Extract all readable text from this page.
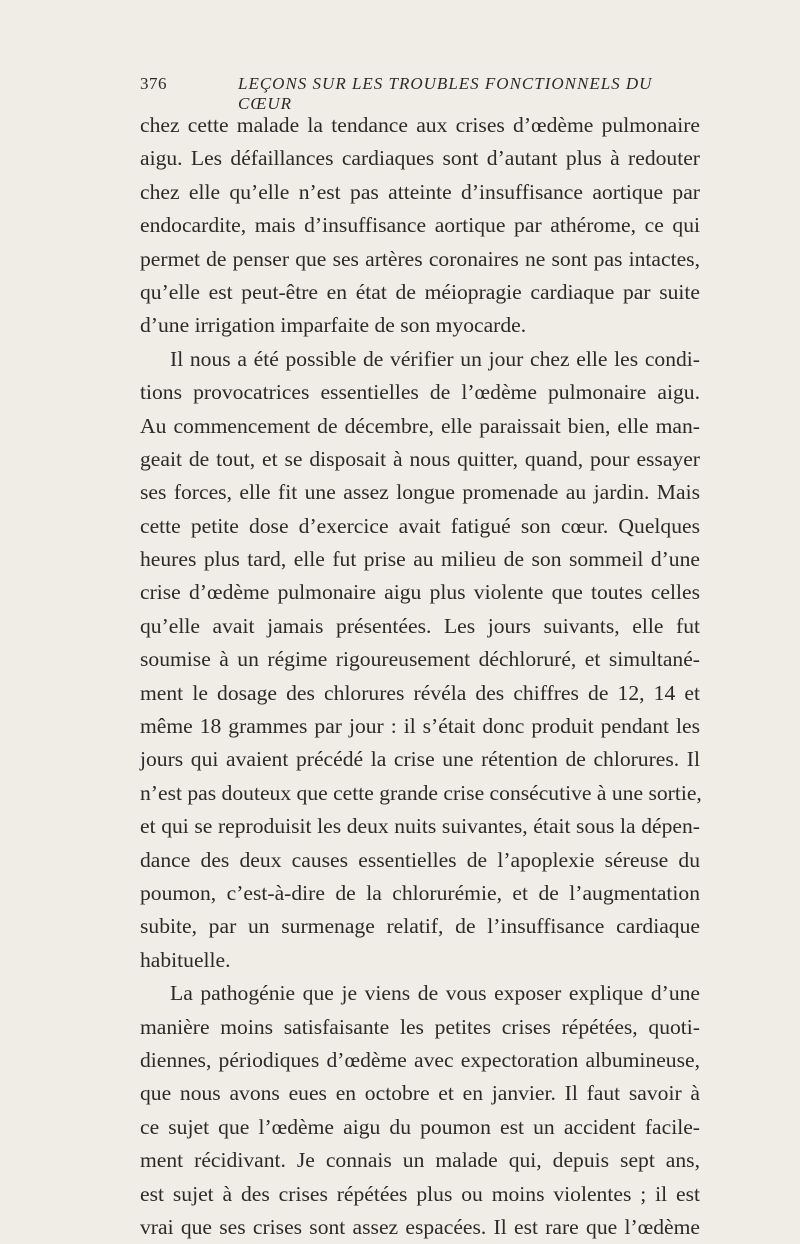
376	LEÇONS SUR LES TROUBLES FONCTIONNELS DU CŒUR
chez cette malade la tendance aux crises d’œdème pulmonaire
aigu. Les défaillances cardiaques sont d’autant plus à redouter
chez elle qu’elle n’est pas atteinte d’insuffisance aortique par
endocardite, mais d’insuffisance aortique par athérome, ce qui
permet de penser que ses artères coronaires ne sont pas intactes,
qu’elle est peut-être en état de méiopragie cardiaque par suite
d’une irrigation imparfaite de son myocarde.
Il nous a été possible de vérifier un jour chez elle les condi-
tions provocatrices essentielles de l’œdème pulmonaire aigu.
Au commencement de décembre, elle paraissait bien, elle man-
geait de tout, et se disposait à nous quitter, quand, pour essayer
ses forces, elle fit une assez longue promenade au jardin. Mais
cette petite dose d’exercice avait fatigué son cœur. Quelques
heures plus tard, elle fut prise au milieu de son sommeil d’une
crise d’œdème pulmonaire aigu plus violente que toutes celles
qu’elle avait jamais présentées. Les jours suivants, elle fut
soumise à un régime rigoureusement déchloruré, et simultané-
ment le dosage des chlorures révéla des chiffres de 12, 14 et
même 18 grammes par jour : il s’était donc produit pendant les
jours qui avaient précédé la crise une rétention de chlorures. Il
n’est pas douteux que cette grande crise consécutive à une sortie,
et qui se reproduisit les deux nuits suivantes, était sous la dépen-
dance des deux causes essentielles de l’apoplexie séreuse du
poumon, c’est-à-dire de la chlorurémie, et de l’augmentation
subite, par un surmenage relatif, de l’insuffisance cardiaque
habituelle.
La pathogénie que je viens de vous exposer explique d’une
manière moins satisfaisante les petites crises répétées, quoti-
diennes, périodiques d’œdème avec expectoration albumineuse,
que nous avons eues en octobre et en janvier. Il faut savoir à
ce sujet que l’œdème aigu du poumon est un accident facile-
ment récidivant. Je connais un malade qui, depuis sept ans,
est sujet à des crises répétées plus ou moins violentes ; il est
vrai que ses crises sont assez espacées. Il est rare que l’œdème
